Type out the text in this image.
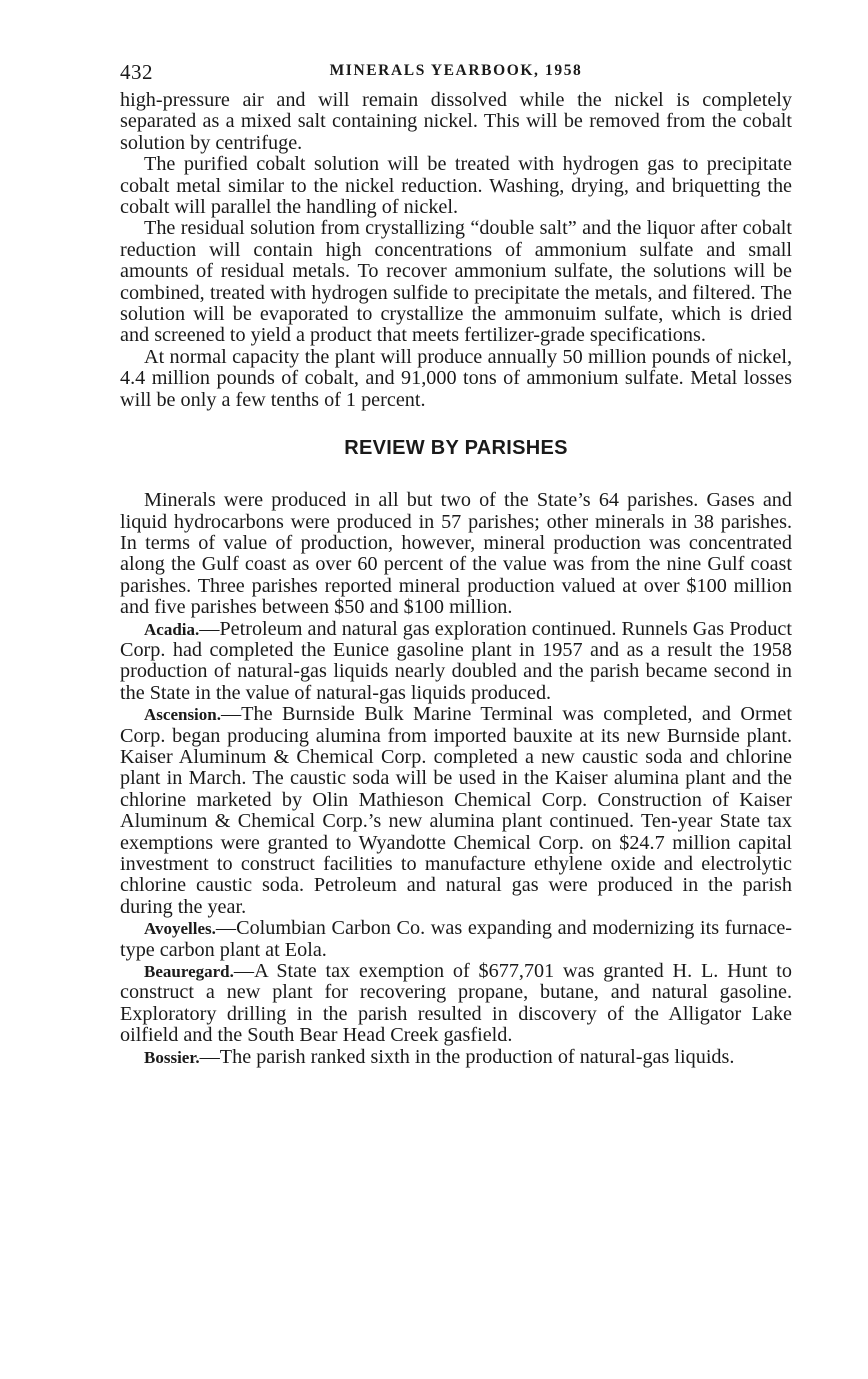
432	MINERALS YEARBOOK, 1958

high-pressure air and will remain dissolved while the nickel is completely separated as a mixed salt containing nickel. This will be removed from the cobalt solution by centrifuge.

The purified cobalt solution will be treated with hydrogen gas to precipitate cobalt metal similar to the nickel reduction. Washing, drying, and briquetting the cobalt will parallel the handling of nickel.

The residual solution from crystallizing “double salt” and the liquor after cobalt reduction will contain high concentrations of ammonium sulfate and small amounts of residual metals. To recover ammonium sulfate, the solutions will be combined, treated with hydrogen sulfide to precipitate the metals, and filtered. The solution will be evaporated to crystallize the ammonuim sulfate, which is dried and screened to yield a product that meets fertilizer-grade specifications.

At normal capacity the plant will produce annually 50 million pounds of nickel, 4.4 million pounds of cobalt, and 91,000 tons of ammonium sulfate. Metal losses will be only a few tenths of 1 percent.

REVIEW BY PARISHES

Minerals were produced in all but two of the State’s 64 parishes. Gases and liquid hydrocarbons were produced in 57 parishes; other minerals in 38 parishes. In terms of value of production, however, mineral production was concentrated along the Gulf coast as over 60 percent of the value was from the nine Gulf coast parishes. Three parishes reported mineral production valued at over $100 million and five parishes between $50 and $100 million.

Acadia.—Petroleum and natural gas exploration continued. Runnels Gas Product Corp. had completed the Eunice gasoline plant in 1957 and as a result the 1958 production of natural-gas liquids nearly doubled and the parish became second in the State in the value of natural-gas liquids produced.

Ascension.—The Burnside Bulk Marine Terminal was completed, and Ormet Corp. began producing alumina from imported bauxite at its new Burnside plant. Kaiser Aluminum & Chemical Corp. completed a new caustic soda and chlorine plant in March. The caustic soda will be used in the Kaiser alumina plant and the chlorine marketed by Olin Mathieson Chemical Corp. Construction of Kaiser Aluminum & Chemical Corp.’s new alumina plant continued. Ten-year State tax exemptions were granted to Wyandotte Chemical Corp. on $24.7 million capital investment to construct facilities to manufacture ethylene oxide and electrolytic chlorine caustic soda. Petroleum and natural gas were produced in the parish during the year.

Avoyelles.—Columbian Carbon Co. was expanding and modernizing its furnace-type carbon plant at Eola.

Beauregard.—A State tax exemption of $677,701 was granted H. L. Hunt to construct a new plant for recovering propane, butane, and natural gasoline. Exploratory drilling in the parish resulted in discovery of the Alligator Lake oilfield and the South Bear Head Creek gasfield.

Bossier.—The parish ranked sixth in the production of natural-gas liquids.
